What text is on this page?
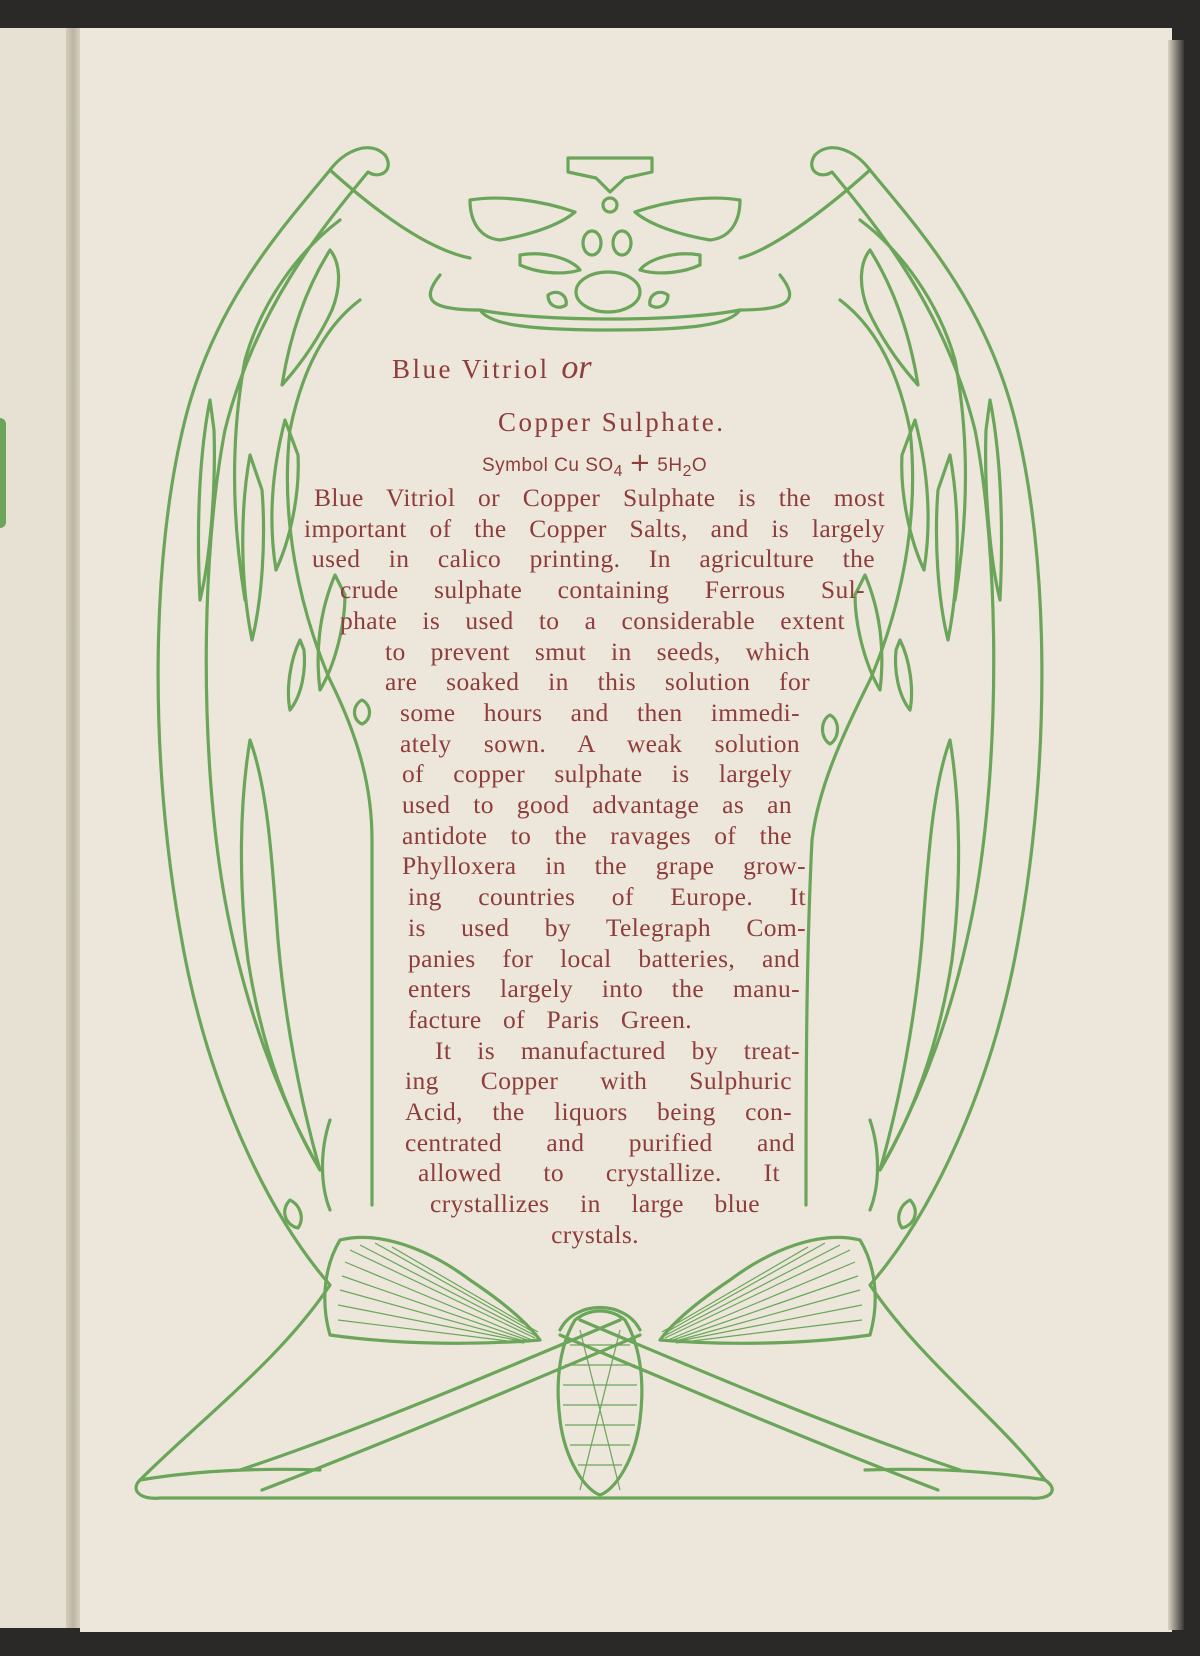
Blue Vitriol or
Copper Sulphate.
Symbol Cu $SO_4 + 5H_2O$

Blue Vitriol or Copper Sulphate is the most

important of the Copper Salts, and is largely

used in calico printing. In agriculture the

crude sulphate containing Ferrous Sul-

phate is used to a considerable extent

to prevent smut in seeds, which

are soaked in this solution for

some hours and then immedi-

ately sown. A weak solution

of copper sulphate is largely

used to good advantage as an

antidote to the ravages of the

Phylloxera in the grape grow-

ing countries of Europe. It

is used by Telegraph Com-

panies for local batteries, and

enters largely into the manu-

facture of Paris Green.

It is manufactured by treat-

ing Copper with Sulphuric

Acid, the liquors being con-

centrated and purified and

allowed to crystallize. It

crystallizes in large blue

crystals.
